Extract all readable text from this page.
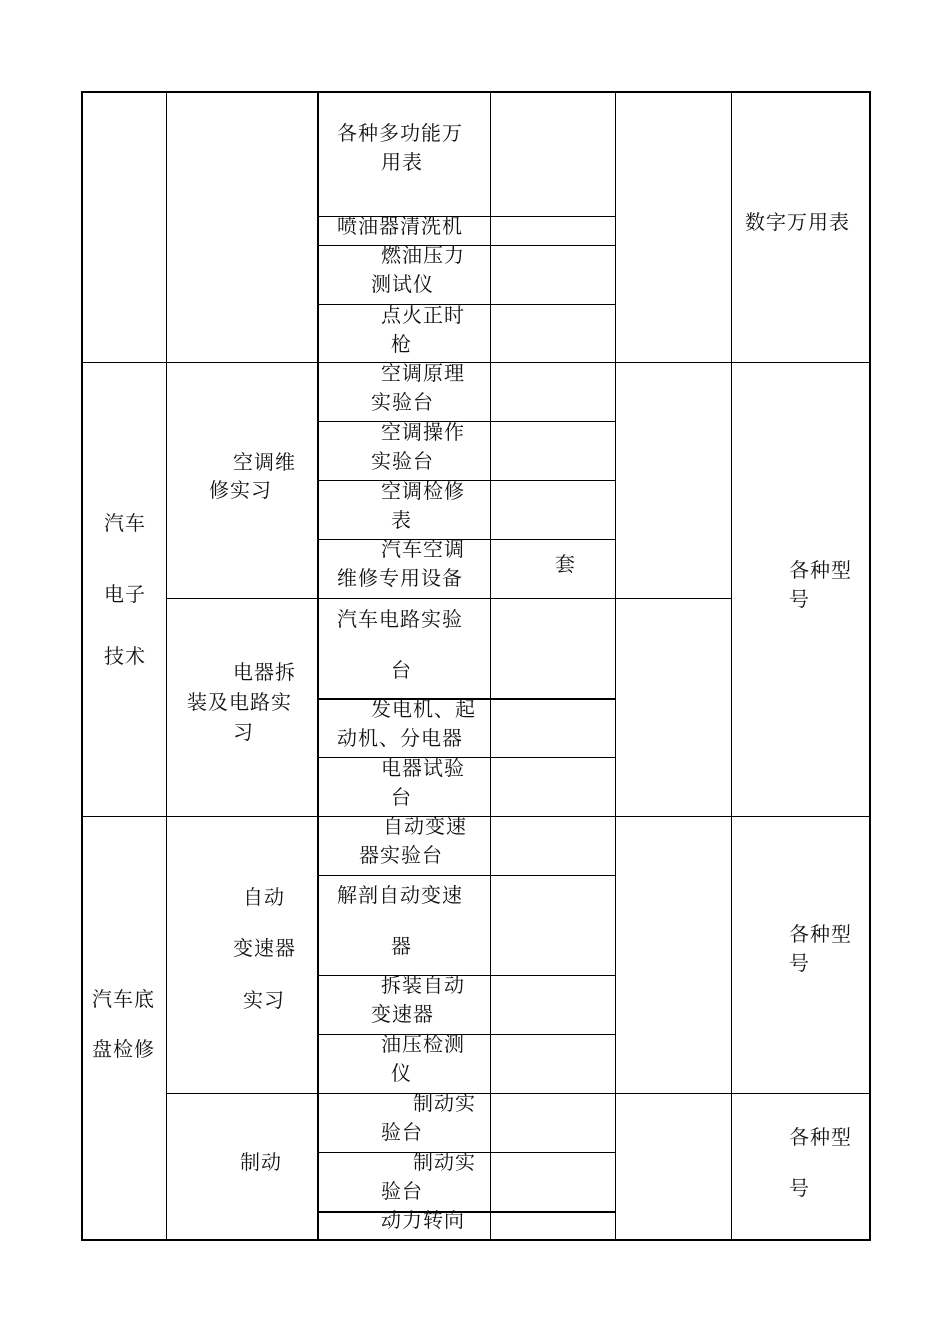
汽车
电子
技术
汽车底
盘检修
空调维
修实习
电器拆
装及电路实
习
自动
变速器
实习
制动
各种多功能万
用表
喷油器清洗机
燃油压力
测试仪
点火正时
枪
空调原理
实验台
空调操作
实验台
空调检修
表
汽车空调
维修专用设备
汽车电路实验
台
发电机、起
动机、分电器
电器试验
台
自动变速
器实验台
解剖自动变速
器
拆装自动
变速器
油压检测
仪
制动实
验台
制动实
验台
动力转向
套
数字万用表
各种型
号
各种型
号
各种型
号
